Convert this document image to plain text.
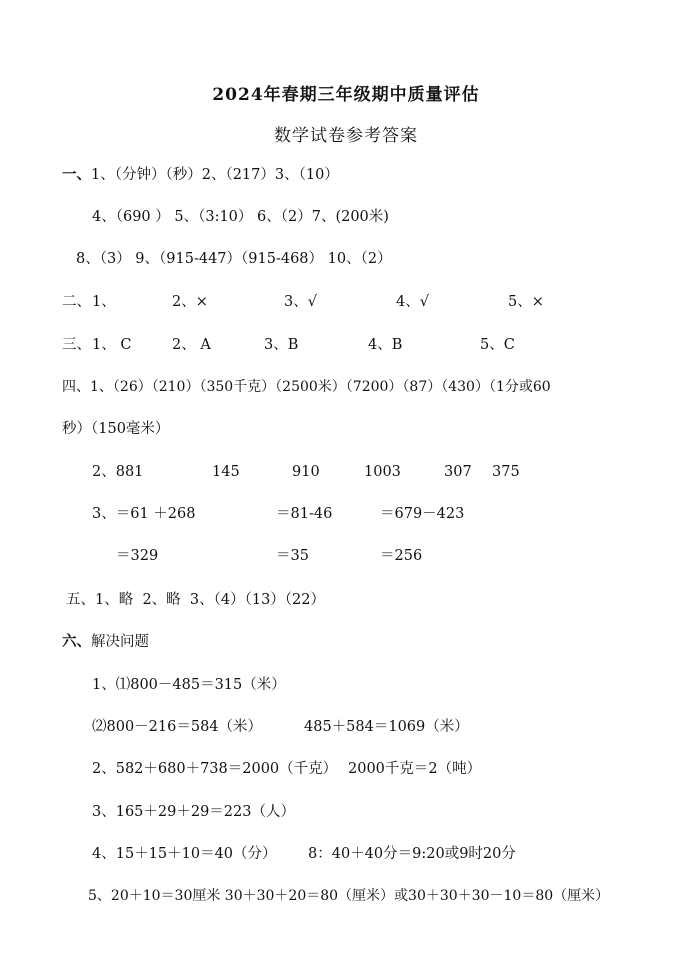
2024年春期三年级期中质量评估
数学试卷参考答案
一、1、（分钟）（秒）2、（217）3、（10）
4、（690 ） 5、（3:10） 6、（2）7、(200米)
8、（3） 9、（915-447）（915-468） 10、（2）
二、 1、	2、×	3、√	4、√	5、×
三、 1、 C	2、 A	3、B	4、B	5、C
四、1、（26）（210）（350千克）（2500米）（7200）（87）（430）（1分或60
秒）（150毫米）
2、881	145	910	1003	307 375
3、＝61 ＋268	＝81-46	＝679－423
＝329	＝35	＝256
五、1、略  2、略  3、（4）（13）（22）
六、解决问题
1、⑴800－485＝315（米）
⑵800－216＝584（米）	485＋584＝1069（米）
2、582＋680＋738＝2000（千克） 2000千克＝2（吨）
3、165＋29＋29＝223（人）
4、15＋15＋10＝40（分） 8：40＋40分＝9:20或9时20分
5、20＋10＝30厘米 30＋30＋20＝80（厘米）或30＋30＋30－10＝80（厘米）
